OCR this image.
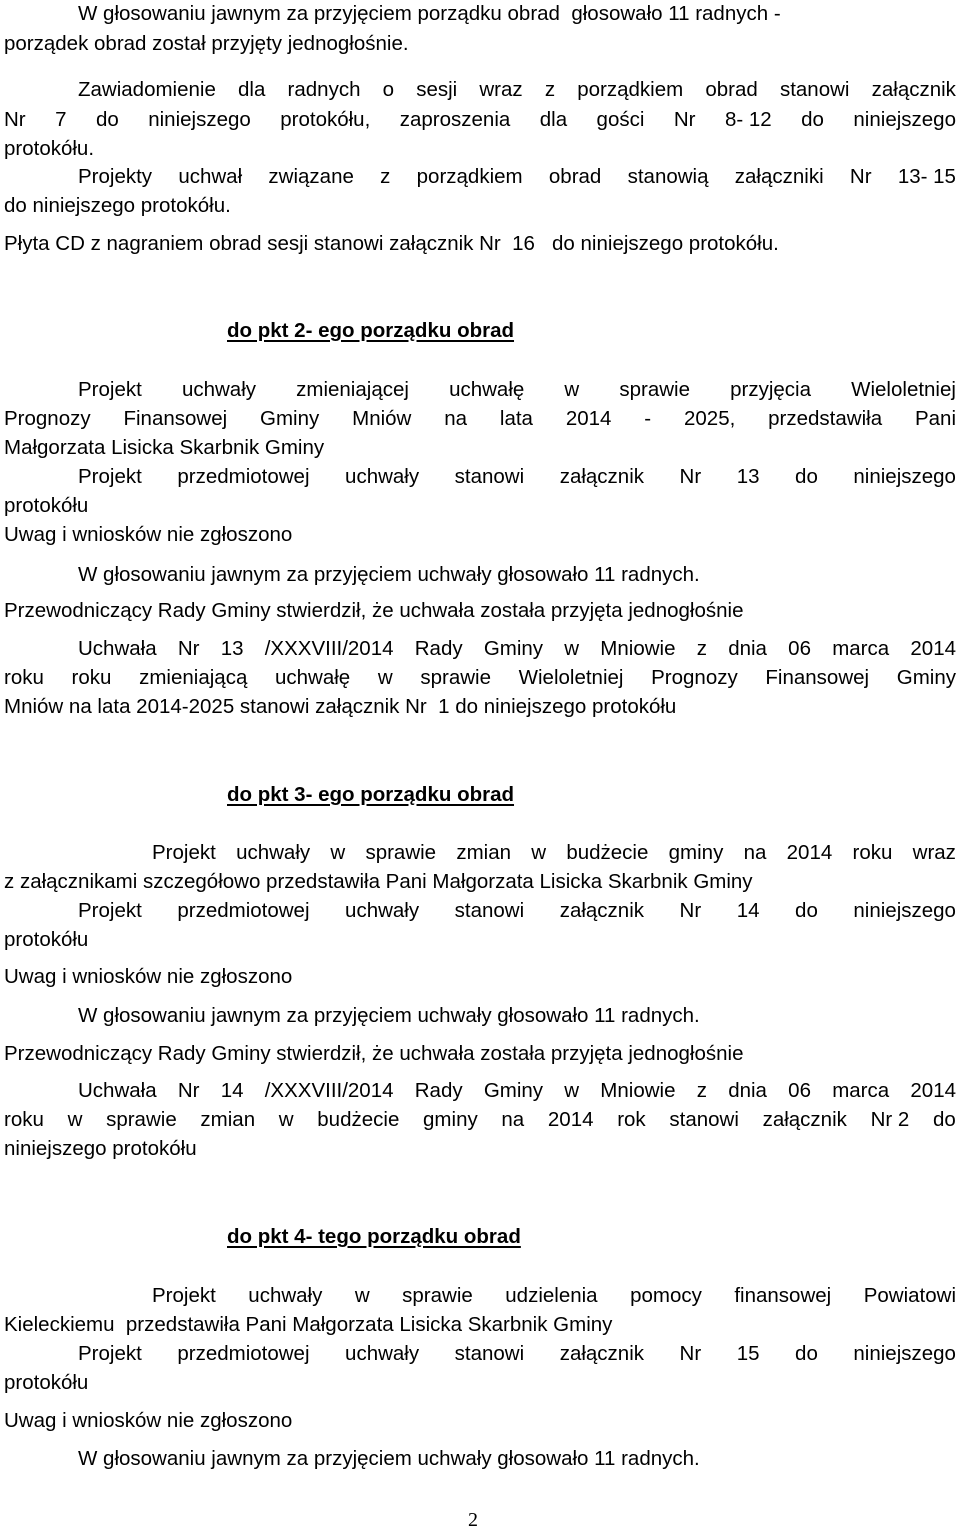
W głosowaniu jawnym za przyjęciem porządku obrad  głosowało 11 radnych -
porządek obrad został przyjęty jednogłośnie.
Zawiadomienie dla radnych o sesji wraz z porządkiem obrad stanowi załącznik
Nr 7 do niniejszego protokółu, zaproszenia dla gości Nr 8- 12 do niniejszego
protokółu.
Projekty uchwał związane z porządkiem obrad stanowią załączniki Nr 13- 15
do niniejszego protokółu.
Płyta CD z nagraniem obrad sesji stanowi załącznik Nr  16   do niniejszego protokółu.
do pkt 2- ego porządku obrad
Projekt uchwały zmieniającej uchwałę w sprawie przyjęcia Wieloletniej
Prognozy Finansowej Gminy Mniów na lata 2014 - 2025, przedstawiła Pani
Małgorzata Lisicka Skarbnik Gminy
Projekt przedmiotowej uchwały stanowi załącznik Nr 13 do niniejszego
protokółu
Uwag i wniosków nie zgłoszono
W głosowaniu jawnym za przyjęciem uchwały głosowało 11 radnych.
Przewodniczący Rady Gminy stwierdził, że uchwała została przyjęta jednogłośnie
Uchwała Nr 13 /XXXVIII/2014 Rady Gminy w Mniowie z dnia 06 marca 2014
roku roku zmieniającą uchwałę w sprawie Wieloletniej Prognozy Finansowej Gminy
Mniów na lata 2014-2025 stanowi załącznik Nr  1 do niniejszego protokółu
do pkt 3- ego porządku obrad
Projekt uchwały w sprawie zmian w budżecie gminy na 2014 roku wraz
z załącznikami szczegółowo przedstawiła Pani Małgorzata Lisicka Skarbnik Gminy
Projekt przedmiotowej uchwały stanowi załącznik Nr 14 do niniejszego
protokółu
Uwag i wniosków nie zgłoszono
W głosowaniu jawnym za przyjęciem uchwały głosowało 11 radnych.
Przewodniczący Rady Gminy stwierdził, że uchwała została przyjęta jednogłośnie
Uchwała Nr 14 /XXXVIII/2014 Rady Gminy w Mniowie z dnia 06 marca 2014
roku w sprawie zmian w budżecie gminy na 2014 rok stanowi załącznik Nr 2 do
niniejszego protokółu
do pkt 4- tego porządku obrad
Projekt uchwały w sprawie udzielenia pomocy finansowej Powiatowi
Kieleckiemu  przedstawiła Pani Małgorzata Lisicka Skarbnik Gminy
Projekt przedmiotowej uchwały stanowi załącznik Nr 15 do niniejszego
protokółu
Uwag i wniosków nie zgłoszono
W głosowaniu jawnym za przyjęciem uchwały głosowało 11 radnych.
2
